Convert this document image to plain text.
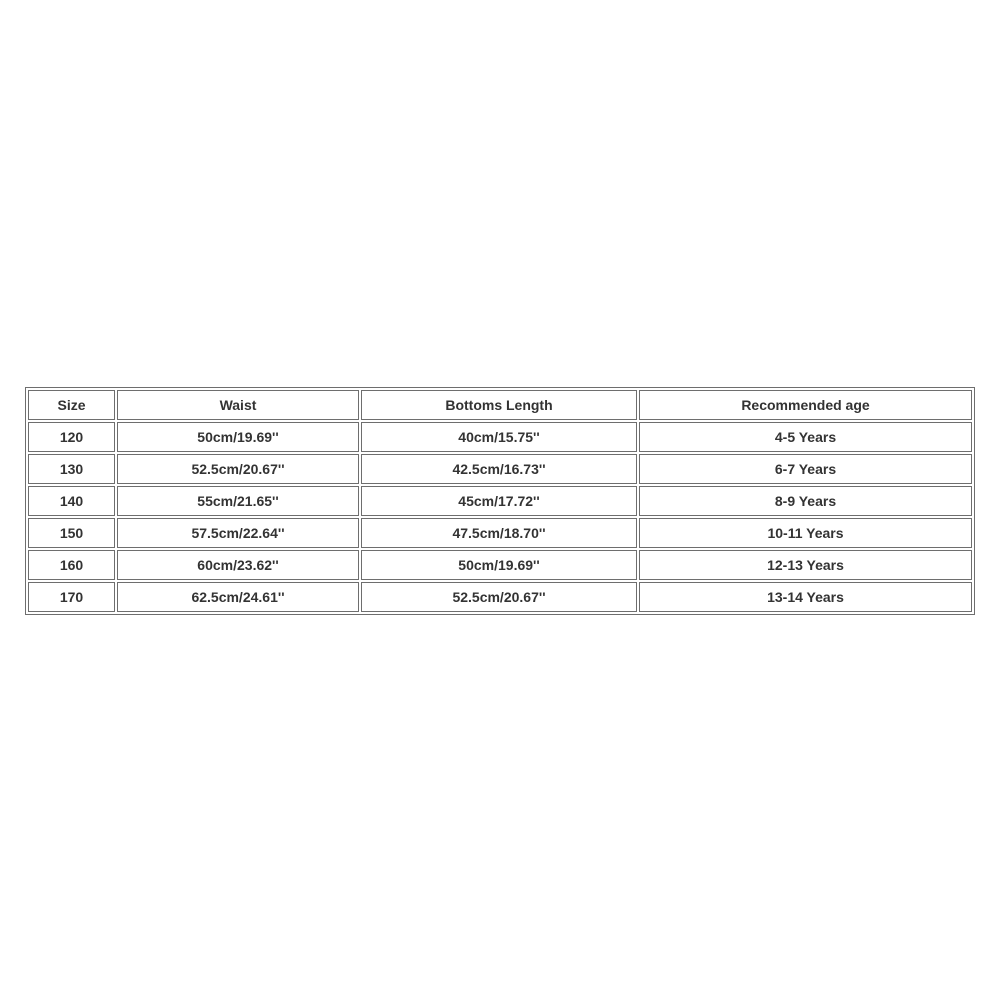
Size	Waist	Bottoms Length	Recommended age
120	50cm/19.69''	40cm/15.75''	4-5 Years
130	52.5cm/20.67''	42.5cm/16.73''	6-7 Years
140	55cm/21.65''	45cm/17.72''	8-9 Years
150	57.5cm/22.64''	47.5cm/18.70''	10-11 Years
160	60cm/23.62''	50cm/19.69''	12-13 Years
170	62.5cm/24.61''	52.5cm/20.67''	13-14 Years
